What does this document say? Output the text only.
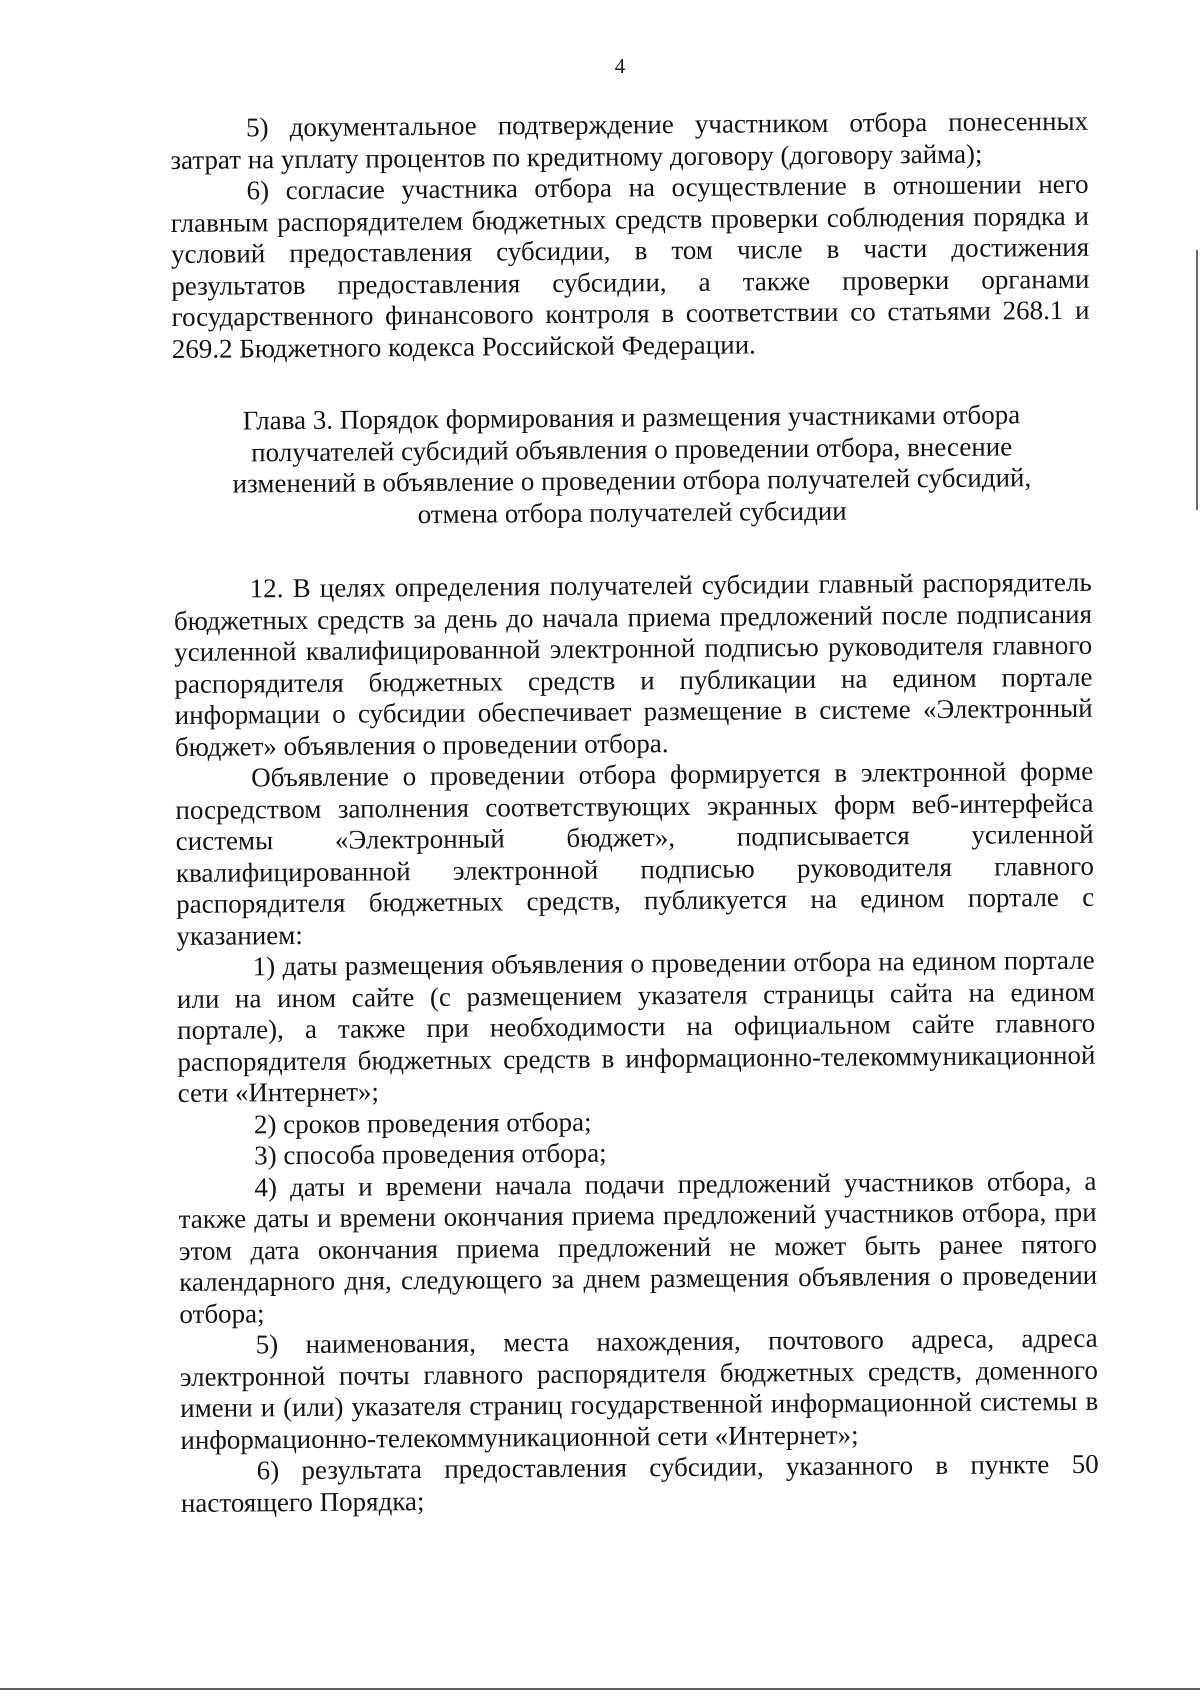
4

5) документальное подтверждение участником отбора понесенных затрат на уплату процентов по кредитному договору (договору займа);

6) согласие участника отбора на осуществление в отношении него главным распорядителем бюджетных средств проверки соблюдения порядка и условий предоставления субсидии, в том числе в части достижения результатов предоставления субсидии, а также проверки органами государственного финансового контроля в соответствии со статьями 268.1 и 269.2 Бюджетного кодекса Российской Федерации.

Глава 3. Порядок формирования и размещения участниками отбора
получателей субсидий объявления о проведении отбора, внесение
изменений в объявление о проведении отбора получателей субсидий,
отмена отбора получателей субсидии

12. В целях определения получателей субсидии главный распорядитель бюджетных средств за день до начала приема предложений после подписания усиленной квалифицированной электронной подписью руководителя главного распорядителя бюджетных средств и публикации на едином портале информации о субсидии обеспечивает размещение в системе «Электронный бюджет» объявления о проведении отбора.

Объявление о проведении отбора формируется в электронной форме посредством заполнения соответствующих экранных форм веб-интерфейса системы «Электронный бюджет», подписывается усиленной квалифицированной электронной подписью руководителя главного распорядителя бюджетных средств, публикуется на едином портале с указанием:

1) даты размещения объявления о проведении отбора на едином портале или на ином сайте (с размещением указателя страницы сайта на едином портале), а также при необходимости на официальном сайте главного распорядителя бюджетных средств в информационно-телекоммуникационной сети «Интернет»;

2) сроков проведения отбора;

3) способа проведения отбора;

4) даты и времени начала подачи предложений участников отбора, а также даты и времени окончания приема предложений участников отбора, при этом дата окончания приема предложений не может быть ранее пятого календарного дня, следующего за днем размещения объявления о проведении отбора;

5) наименования, места нахождения, почтового адреса, адреса электронной почты главного распорядителя бюджетных средств, доменного имени и (или) указателя страниц государственной информационной системы в информационно-телекоммуникационной сети «Интернет»;

6) результата предоставления субсидии, указанного в пункте 50 настоящего Порядка;
